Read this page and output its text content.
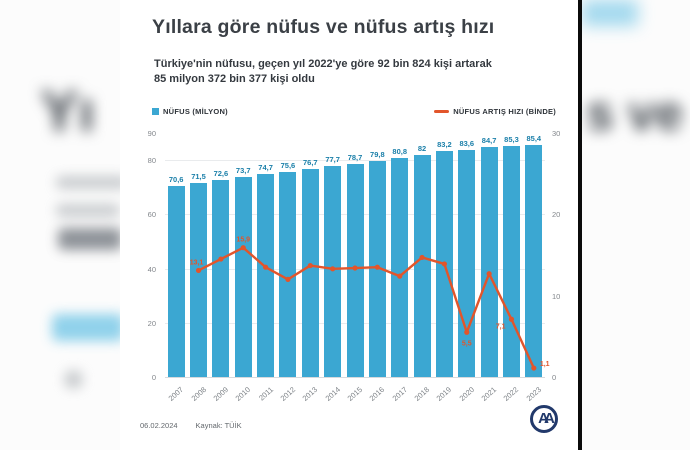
Yı	s ve
Yıllara göre nüfus ve nüfus artış hızı

Türkiye'nin nüfusu, geçen yıl 2022'ye göre 92 bin 824 kişi artarak
85 milyon 372 bin 377 kişi oldu

NÜFUS (MİLYON)	NÜFUS ARTIŞ HIZI (BİNDE)
70,6
2007
71,5
2008
72,6
2009
73,7
2010
74,7
2011
75,6
2012
76,7
2013
77,7
2014
78,7
2015
79,8
2016
80,8
2017
82
2018
83,2
2019
83,6
2020
84,7
2021
85,3
2022
85,4
2023
13,1
15,9
5,5
7,1
1,1
0
20
40
60
80
90
0
10
20
30
06.02.2024 Kaynak: TÜİK	AA
